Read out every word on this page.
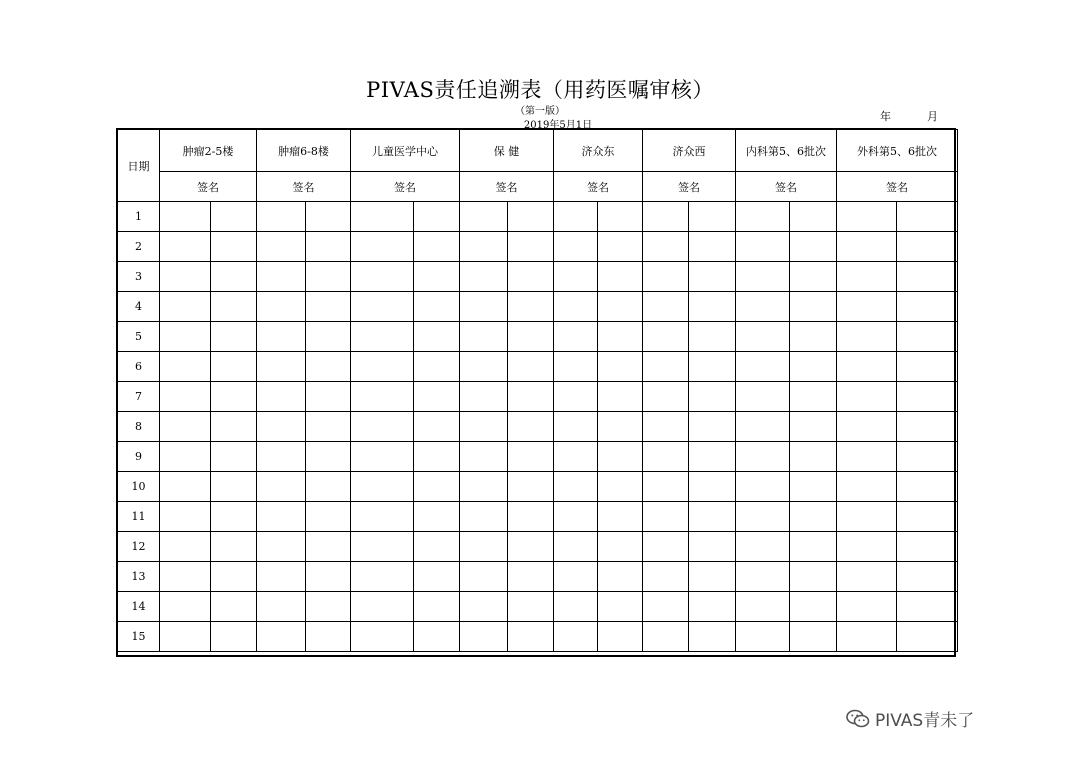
PIVAS责任追溯表（用药医嘱审核）
（第一版）
2019年5月1日
年	月
日期	肿瘤2-5楼		肿瘤6-8楼		儿童医学中心		保 健		济众东		济众西		内科第5、6批次		外科第5、6批次	
	签名		签名		签名		签名		签名		签名		签名		签名	
1																
2																
3																
4																
5																
6																
7																
8																
9																
10																
11																
12																
13																
14																
15																
PIVAS青未了
